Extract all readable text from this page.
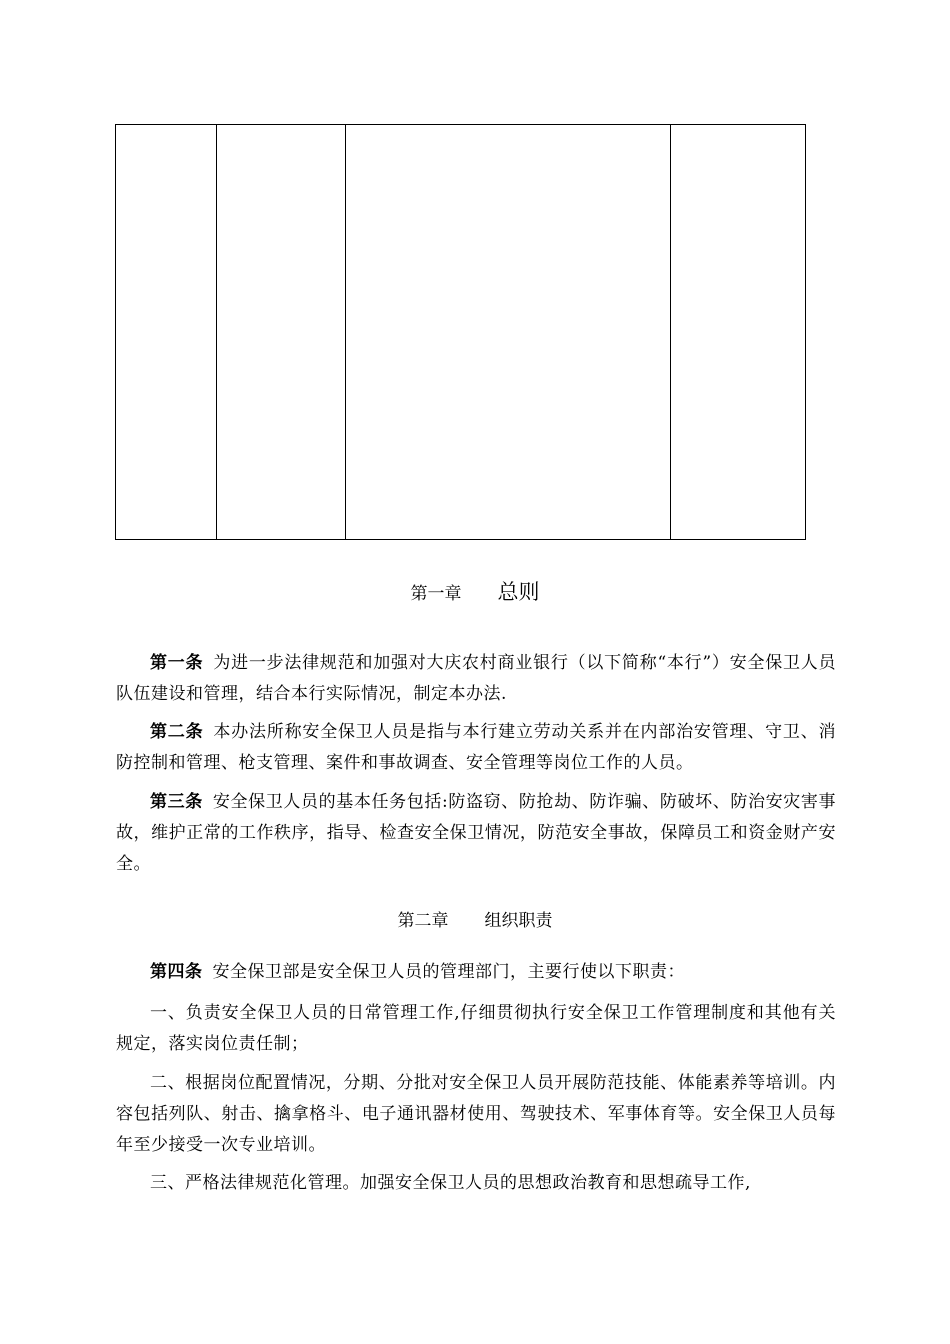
第一章 总则
第一条 为进一步法律规范和加强对大庆农村商业银行（以下简称“本行”）安全保卫人员队伍建设和管理，结合本行实际情况，制定本办法.
第二条 本办法所称安全保卫人员是指与本行建立劳动关系并在内部治安管理、守卫、消防控制和管理、枪支管理、案件和事故调查、安全管理等岗位工作的人员。
第三条 安全保卫人员的基本任务包括:防盗窃、防抢劫、防诈骗、防破坏、防治安灾害事故，维护正常的工作秩序，指导、检查安全保卫情况，防范安全事故，保障员工和资金财产安全。
第二章 组织职责
第四条 安全保卫部是安全保卫人员的管理部门，主要行使以下职责：
一、负责安全保卫人员的日常管理工作,仔细贯彻执行安全保卫工作管理制度和其他有关规定，落实岗位责任制；
二、根据岗位配置情况，分期、分批对安全保卫人员开展防范技能、体能素养等培训。内容包括列队、射击、擒拿格斗、电子通讯器材使用、驾驶技术、军事体育等。安全保卫人员每年至少接受一次专业培训。
三、严格法律规范化管理。加强安全保卫人员的思想政治教育和思想疏导工作,
